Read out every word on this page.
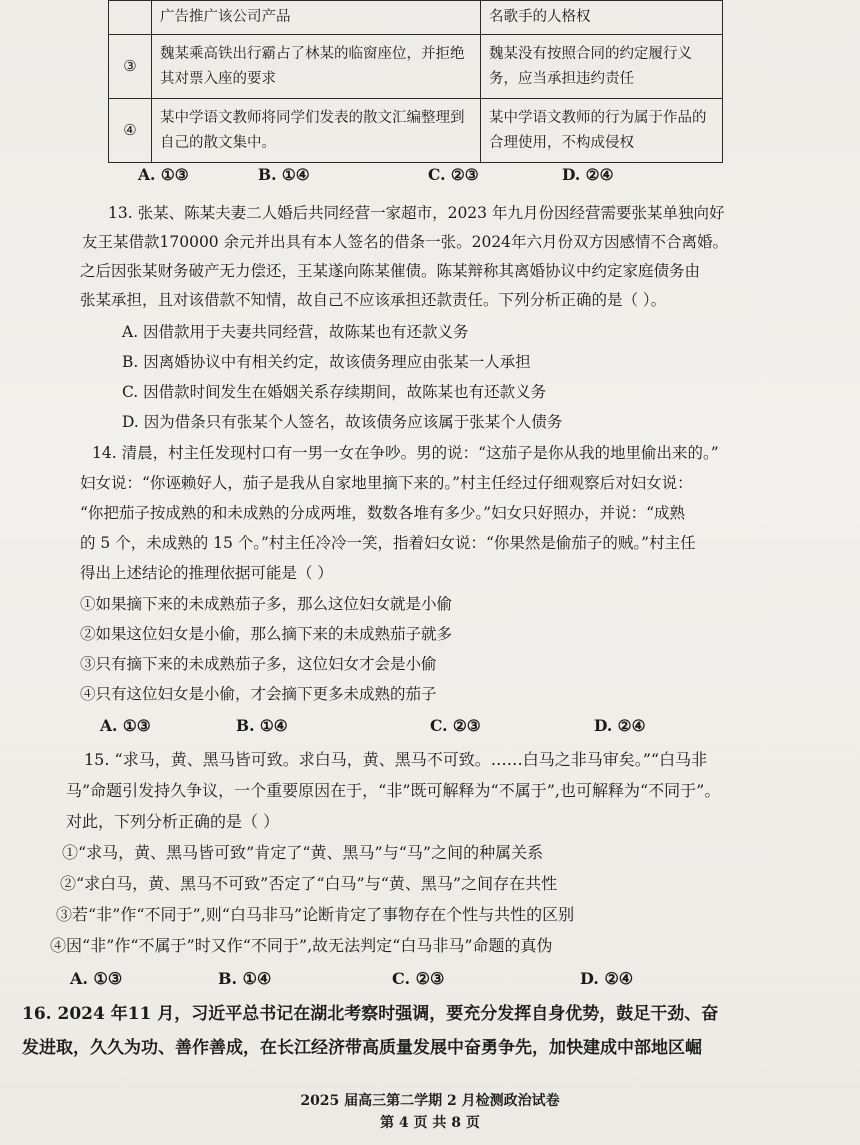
	广告推广该公司产品	名歌手的人格权
③	魏某乘高铁出行霸占了林某的临窗座位，并拒绝其对票入座的要求	魏某没有按照合同的约定履行义务，应当承担违约责任
④	某中学语文教师将同学们发表的散文汇编整理到自己的散文集中。	某中学语文教师的行为属于作品的合理使用，不构成侵权
A. ①③	B. ①④	C. ②③	D. ②④
13. 张某、陈某夫妻二人婚后共同经营一家超市，2023 年九月份因经营需要张某单独向好
友王某借款170000 余元并出具有本人签名的借条一张。2024年六月份双方因感情不合离婚。
之后因张某财务破产无力偿还，王某遂向陈某催债。陈某辩称其离婚协议中约定家庭债务由
张某承担，且对该借款不知情，故自己不应该承担还款责任。下列分析正确的是（ ）。
A. 因借款用于夫妻共同经营，故陈某也有还款义务
B. 因离婚协议中有相关约定，故该债务理应由张某一人承担
C. 因借款时间发生在婚姻关系存续期间，故陈某也有还款义务
D. 因为借条只有张某个人签名，故该债务应该属于张某个人债务
14. 清晨，村主任发现村口有一男一女在争吵。男的说：“这茄子是你从我的地里偷出来的。”
妇女说：“你诬赖好人，茄子是我从自家地里摘下来的。”村主任经过仔细观察后对妇女说：
“你把茄子按成熟的和未成熟的分成两堆，数数各堆有多少。”妇女只好照办，并说：“成熟
的 5 个，未成熟的 15 个。”村主任冷冷一笑，指着妇女说：“你果然是偷茄子的贼。”村主任
得出上述结论的推理依据可能是（ ）
①如果摘下来的未成熟茄子多，那么这位妇女就是小偷
②如果这位妇女是小偷，那么摘下来的未成熟茄子就多
③只有摘下来的未成熟茄子多，这位妇女才会是小偷
④只有这位妇女是小偷，才会摘下更多未成熟的茄子
A. ①③	B. ①④	C. ②③	D. ②④
15. “求马，黄、黑马皆可致。求白马，黄、黑马不可致。……白马之非马审矣。”“白马非
马”命题引发持久争议，一个重要原因在于，“非”既可解释为“不属于”,也可解释为“不同于”。
对此，下列分析正确的是（ ）
①“求马，黄、黑马皆可致”肯定了“黄、黑马”与“马”之间的种属关系
②“求白马，黄、黑马不可致”否定了“白马”与“黄、黑马”之间存在共性
③若“非”作“不同于”,则“白马非马”论断肯定了事物存在个性与共性的区别
④因“非”作“不属于”时又作“不同于”,故无法判定“白马非马”命题的真伪
A. ①③	B. ①④	C. ②③	D. ②④
16. 2024 年11 月，习近平总书记在湖北考察时强调，要充分发挥自身优势，鼓足干劲、奋
发进取，久久为功、善作善成，在长江经济带高质量发展中奋勇争先，加快建成中部地区崛
2025 届高三第二学期 2 月检测政治试卷
第 4 页 共 8 页
